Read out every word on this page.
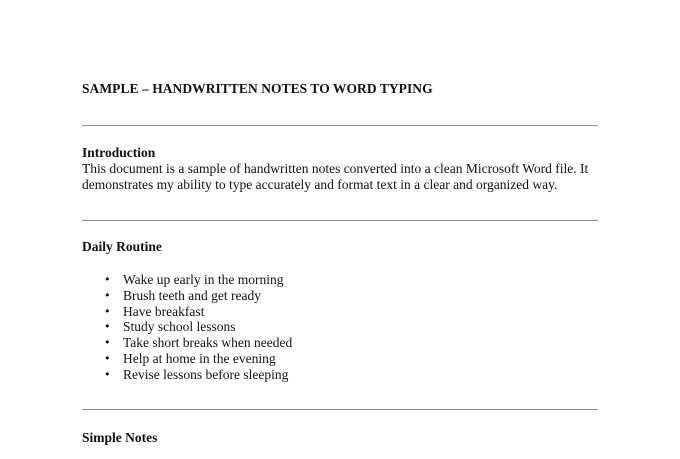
SAMPLE – HANDWRITTEN NOTES TO WORD TYPING
Introduction
This document is a sample of handwritten notes converted into a clean Microsoft Word file. It
demonstrates my ability to type accurately and format text in a clear and organized way.
Daily Routine
• Wake up early in the morning
• Brush teeth and get ready
• Have breakfast
• Study school lessons
• Take short breaks when needed
• Help at home in the evening
• Revise lessons before sleeping
Simple Notes
